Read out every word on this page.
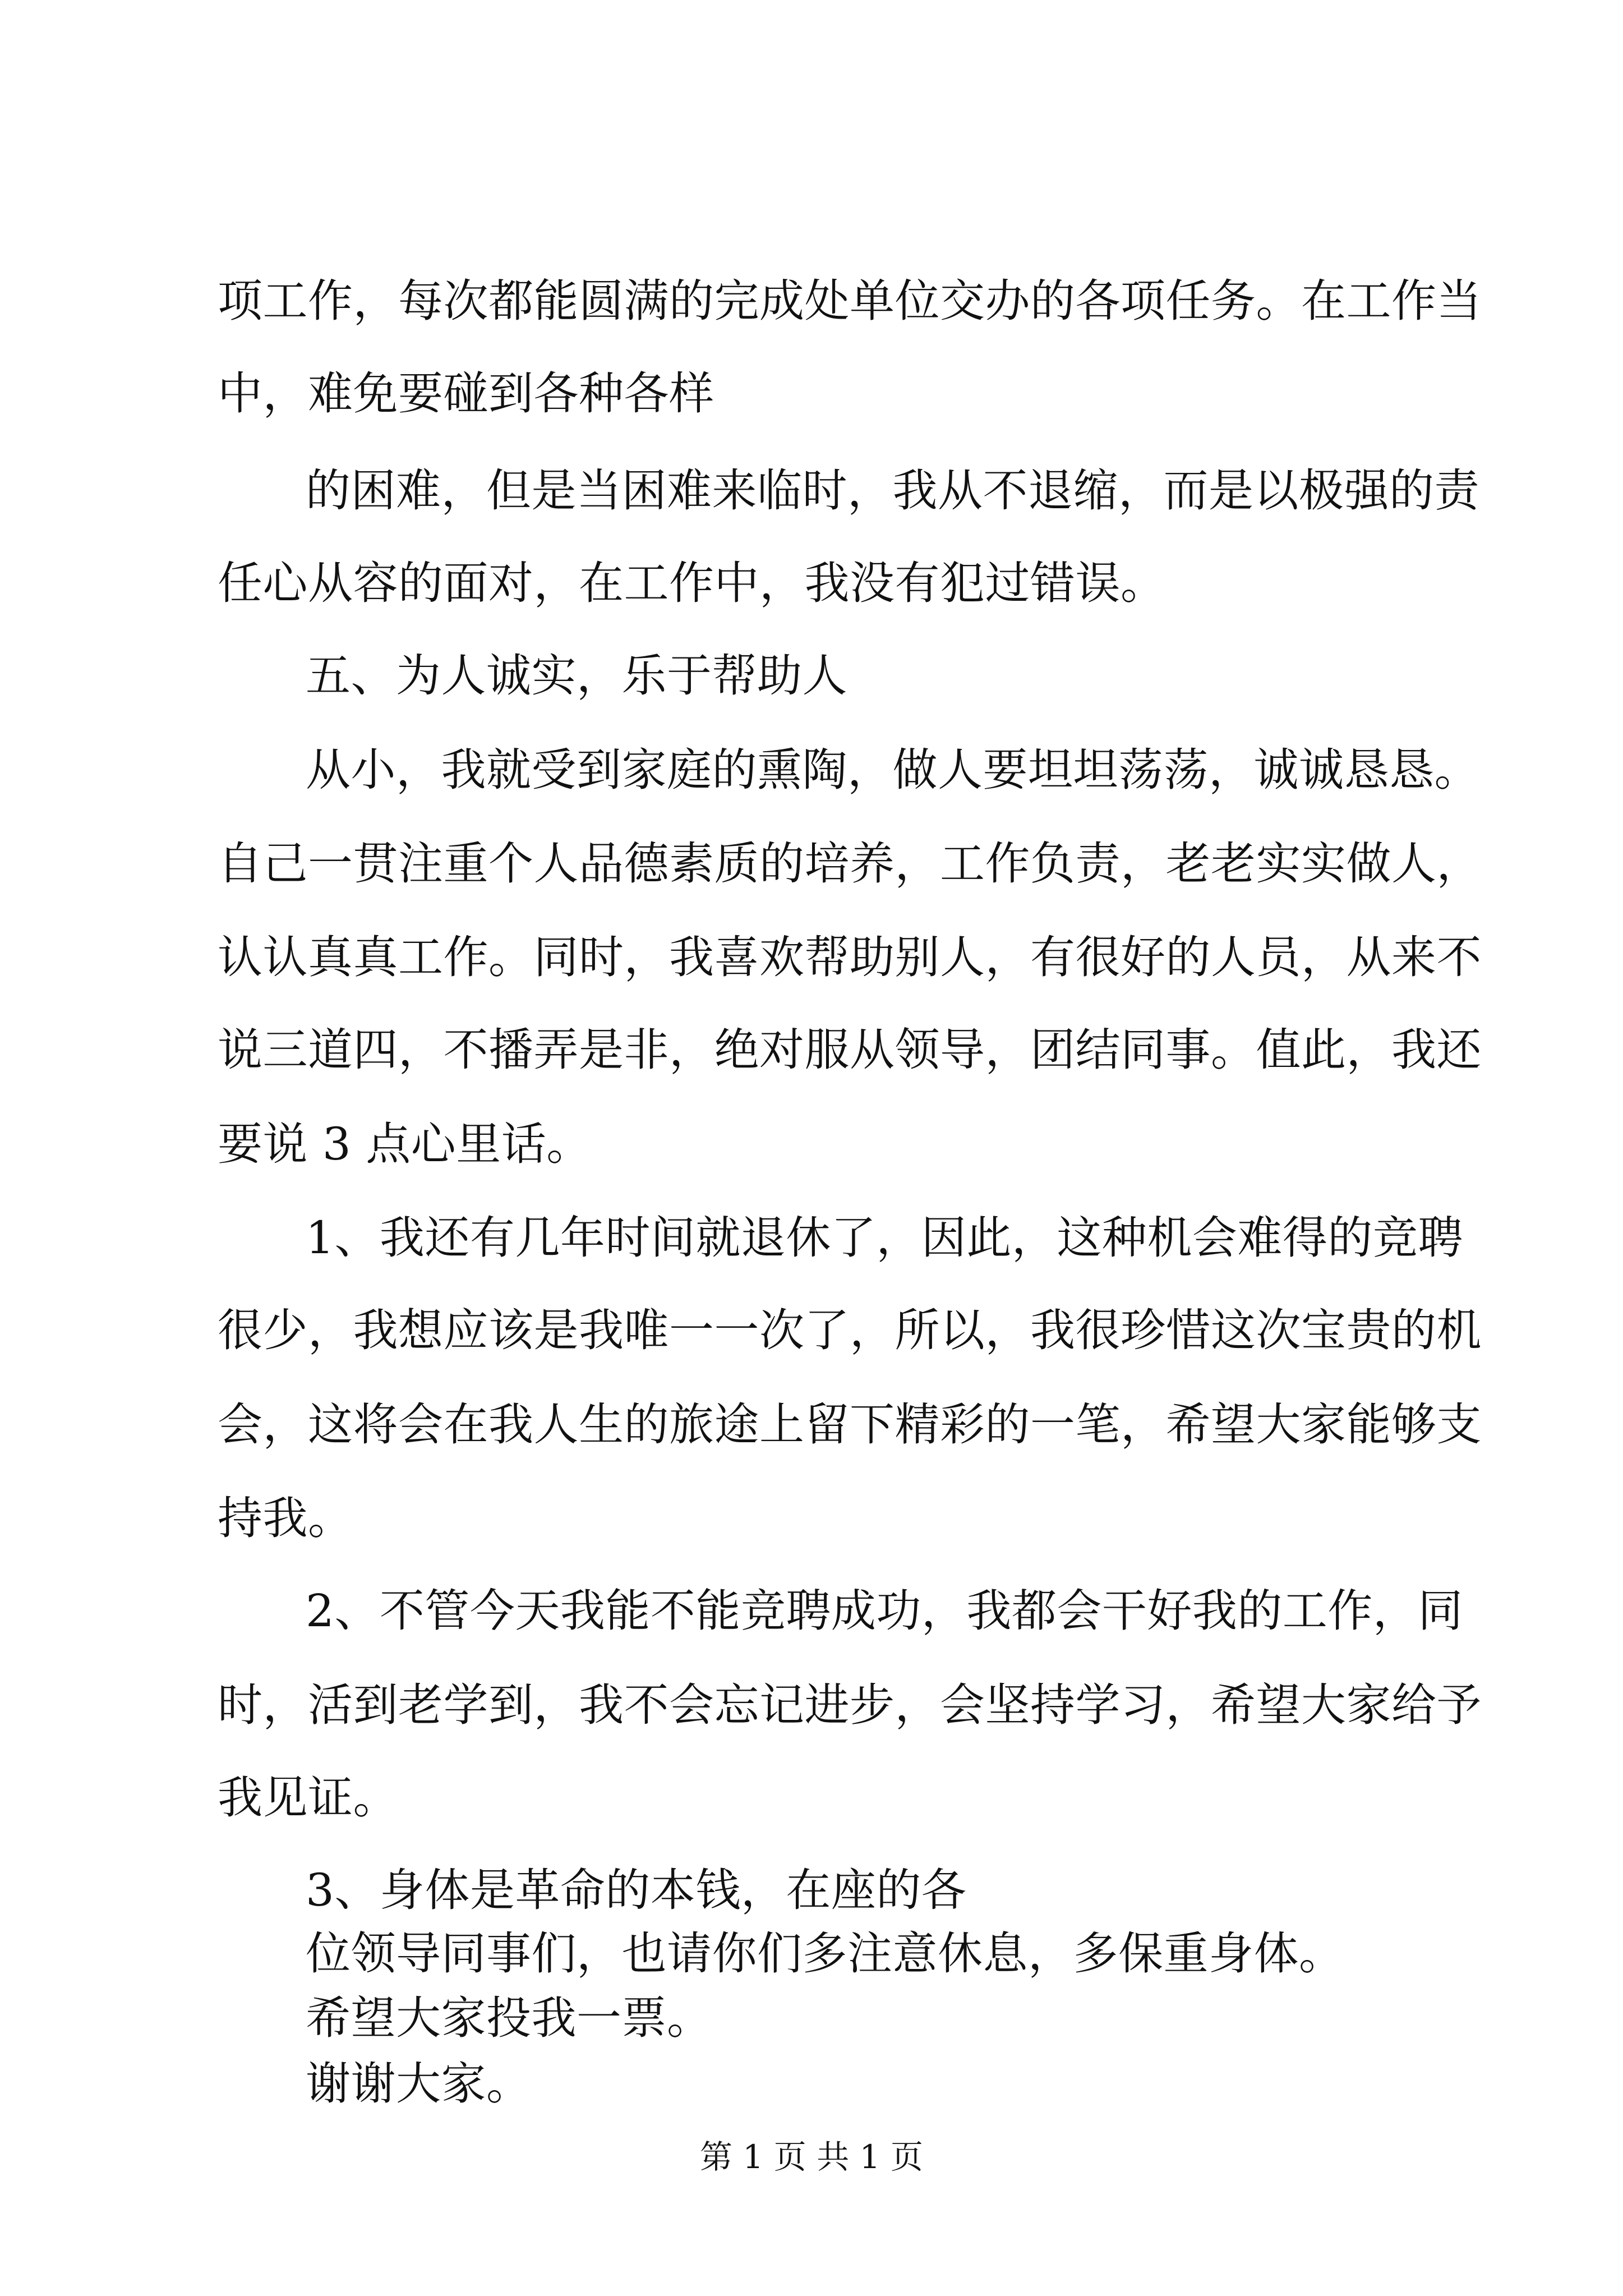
项工作，每次都能圆满的完成处单位交办的各项任务。在工作当
中，难免要碰到各种各样
的困难，但是当困难来临时，我从不退缩，而是以极强的责
任心从容的面对，在工作中，我没有犯过错误。
五、为人诚实，乐于帮助人
从小，我就受到家庭的熏陶，做人要坦坦荡荡，诚诚恳恳。
自己一贯注重个人品德素质的培养，工作负责，老老实实做人，
认认真真工作。同时，我喜欢帮助别人，有很好的人员，从来不
说三道四，不播弄是非，绝对服从领导，团结同事。值此，我还
要说 3 点心里话。
1、我还有几年时间就退休了，因此，这种机会难得的竞聘
很少，我想应该是我唯一一次了，所以，我很珍惜这次宝贵的机
会，这将会在我人生的旅途上留下精彩的一笔，希望大家能够支
持我。
2、不管今天我能不能竞聘成功，我都会干好我的工作，同
时，活到老学到，我不会忘记进步，会坚持学习，希望大家给予
我见证。
3、身体是革命的本钱，在座的各
位领导同事们，也请你们多注意休息，多保重身体。
希望大家投我一票。
谢谢大家。
第 1 页 共 1 页
